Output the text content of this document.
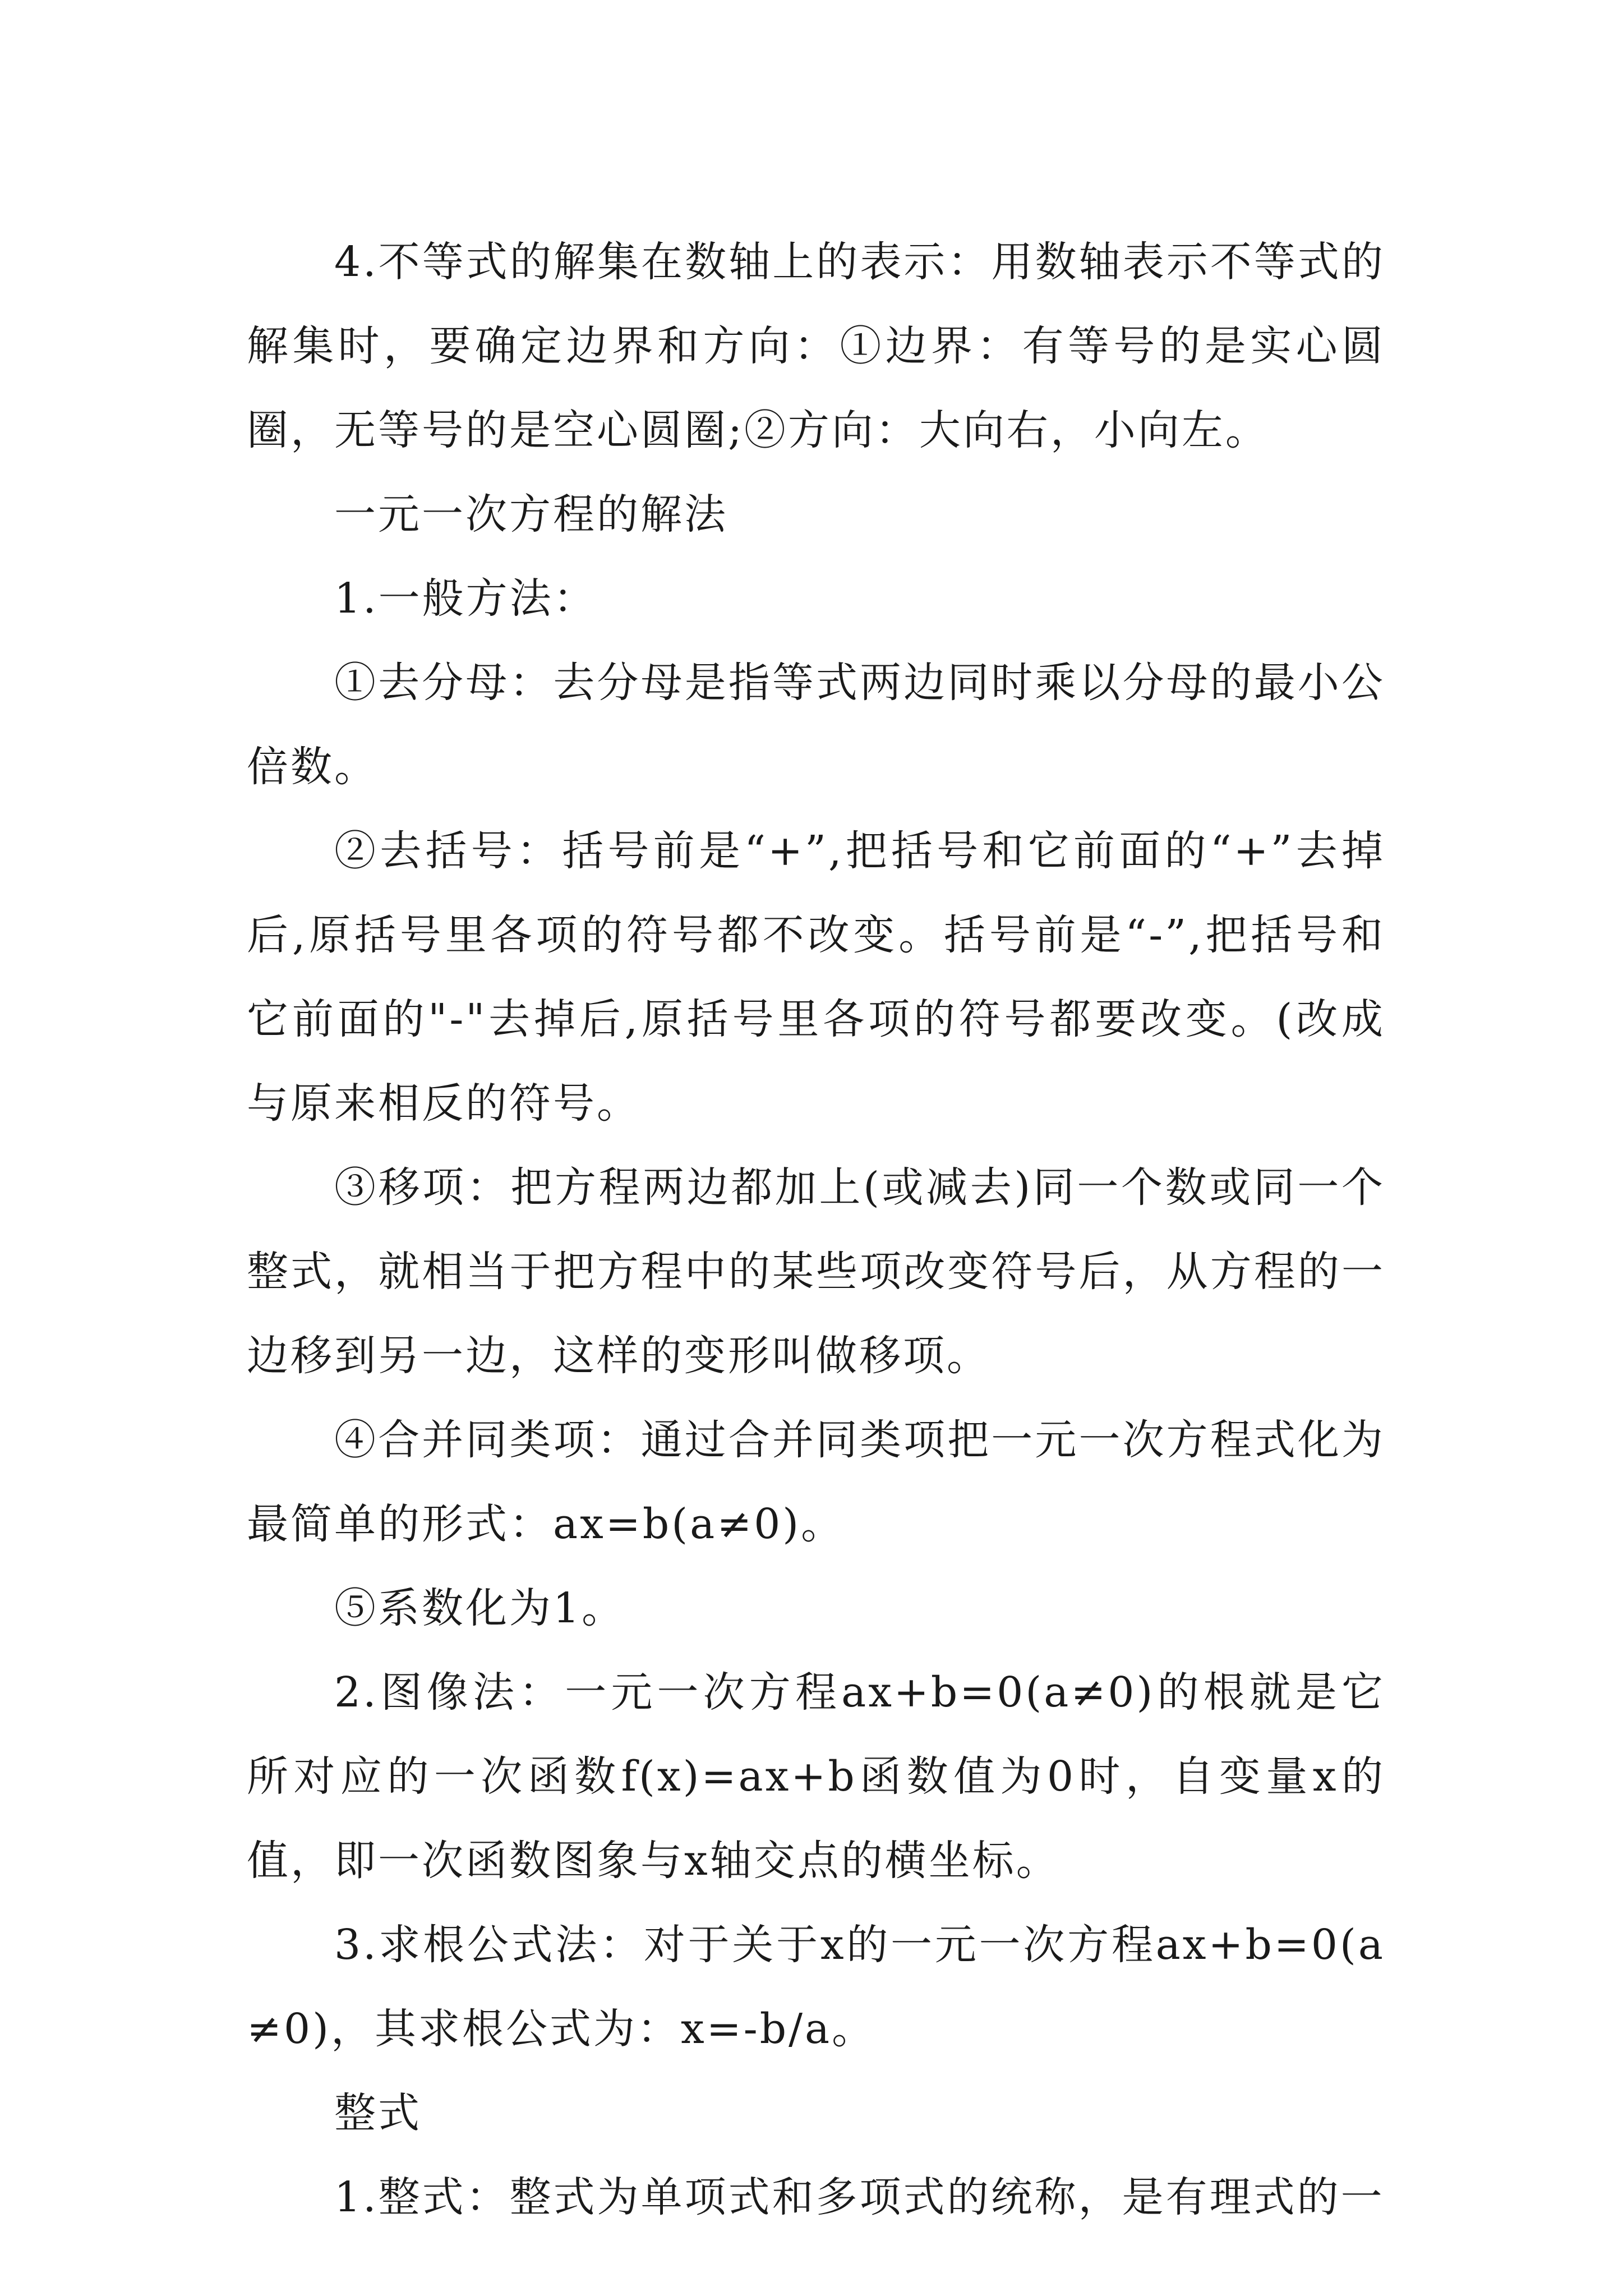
4.不等式的解集在数轴上的表示：用数轴表示不等式的解集时，要确定边界和方向：①边界：有等号的是实心圆圈，无等号的是空心圆圈;②方向：大向右，小向左。

一元一次方程的解法

1.一般方法：

①去分母：去分母是指等式两边同时乘以分母的最小公倍数。

②去括号：括号前是“+”,把括号和它前面的“+”去掉后,原括号里各项的符号都不改变。括号前是“-”,把括号和它前面的"-"去掉后,原括号里各项的符号都要改变。(改成与原来相反的符号。

③移项：把方程两边都加上(或减去)同一个数或同一个整式，就相当于把方程中的某些项改变符号后，从方程的一边移到另一边，这样的变形叫做移项。

④合并同类项：通过合并同类项把一元一次方程式化为最简单的形式：ax=b(a≠0)。

⑤系数化为1。

2.图像法：一元一次方程ax+b=0(a≠0)的根就是它所对应的一次函数f(x)=ax+b函数值为0时，自变量x的值，即一次函数图象与x轴交点的横坐标。

3.求根公式法：对于关于x的一元一次方程ax+b=0(a≠0)，其求根公式为：x=-b/a。

整式

1.整式：整式为单项式和多项式的统称，是有理式的一
